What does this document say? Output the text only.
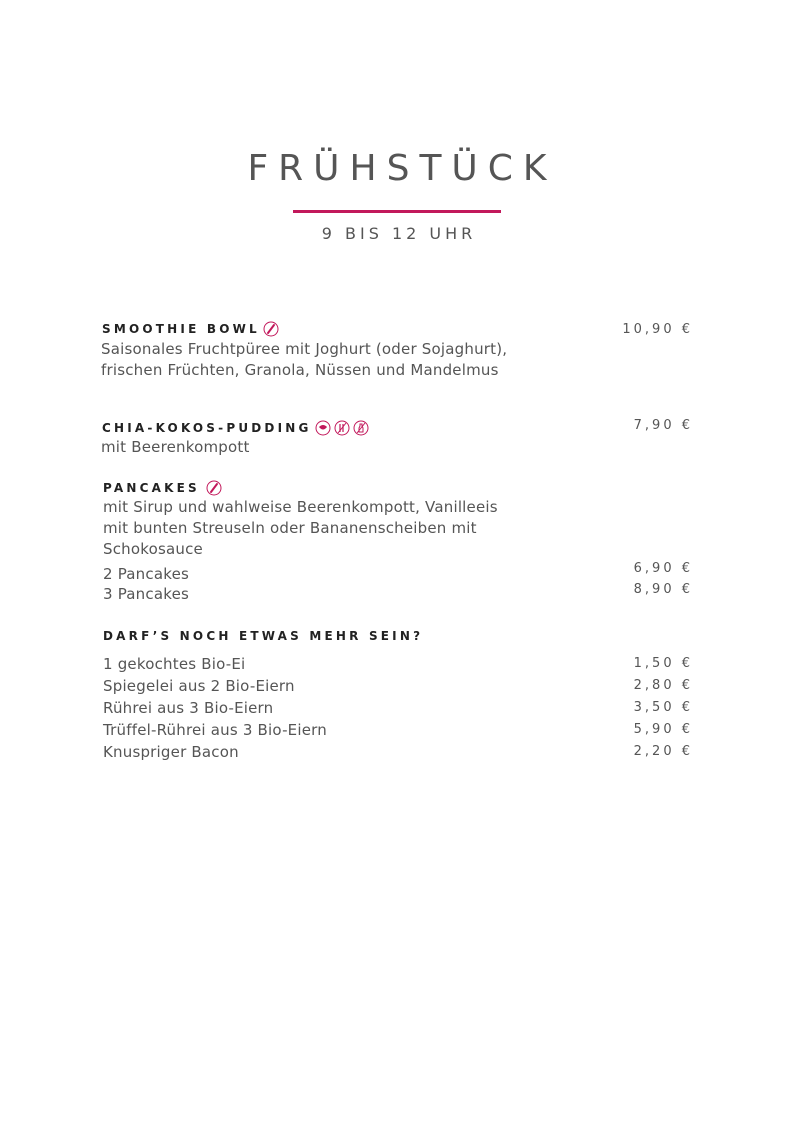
FRÜHSTÜCK
9 BIS 12 UHR
SMOOTHIE BOWL	10,90 €
Saisonales Fruchtpüree mit Joghurt (oder Sojaghurt),
frischen Früchten, Granola, Nüssen und Mandelmus
CHIA-KOKOS-PUDDING	7,90 €
mit Beerenkompott
PANCAKES
mit Sirup und wahlweise Beerenkompott, Vanilleeis
mit bunten Streuseln oder Bananenscheiben mit
Schokosauce
2 Pancakes	6,90 €
3 Pancakes	8,90 €
DARF’S NOCH ETWAS MEHR SEIN?
1 gekochtes Bio-Ei	1,50 €
Spiegelei aus 2 Bio-Eiern	2,80 €
Rührei aus 3 Bio-Eiern	3,50 €
Trüffel-Rührei aus 3 Bio-Eiern	5,90 €
Knuspriger Bacon	2,20 €
